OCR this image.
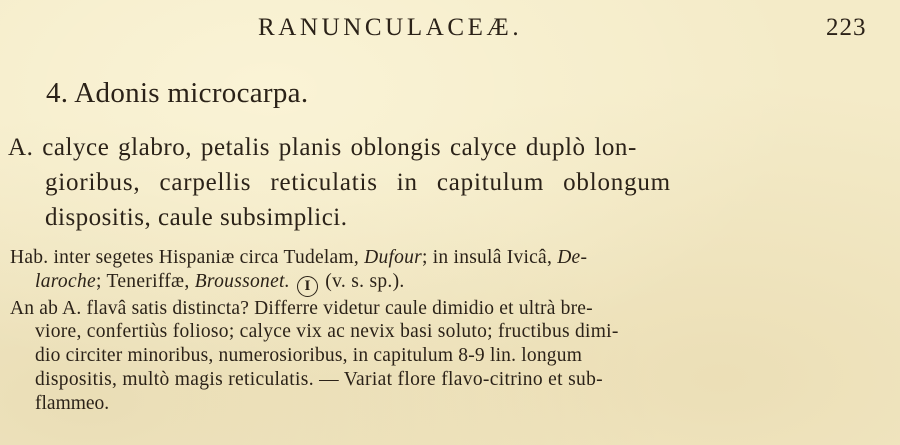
RANUNCULACEÆ.	223
4. Adonis microcarpa.
A. calyce glabro, petalis planis oblongis calyce duplò lon-
gioribus, carpellis reticulatis in capitulum oblongum
dispositis, caule subsimplici.
Hab. inter segetes Hispaniæ circa Tudelam, Dufour; in insulâ Ivicâ, De-
laroche; Teneriffæ, Broussonet. I (v. s. sp.).
An ab A. flavâ satis distincta? Differre videtur caule dimidio et ultrà bre-
viore, confertiùs folioso; calyce vix ac nevix basi soluto; fructibus dimi-
dio circiter minoribus, numerosioribus, in capitulum 8-9 lin. longum
dispositis, multò magis reticulatis. — Variat flore flavo-citrino et sub-
flammeo.
